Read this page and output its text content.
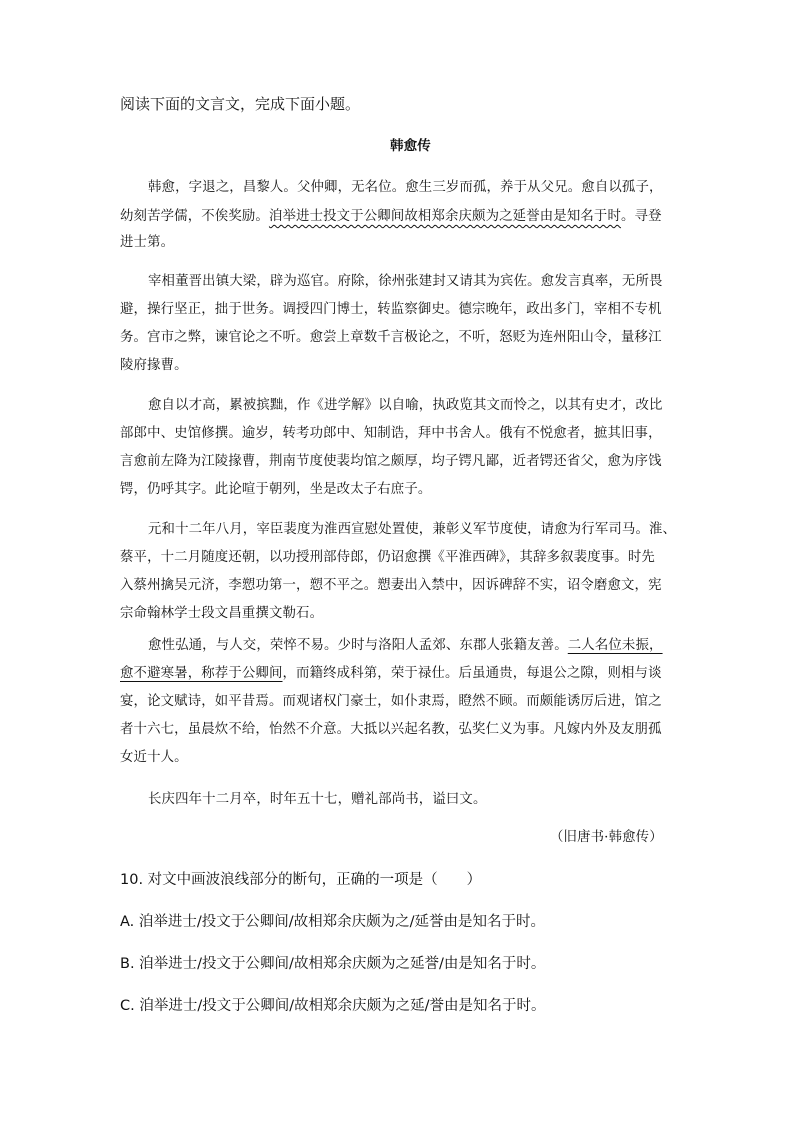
阅读下面的文言文，完成下面小题。
韩愈传
韩愈，字退之，昌黎人。父仲卿，无名位。愈生三岁而孤，养于从父兄。愈自以孤子，
幼刻苦学儒，不俟奖励。洎举进士投文于公卿间故相郑余庆颇为之延誉由是知名于时。寻登
进士第。
宰相董晋出镇大梁，辟为巡官。府除，徐州张建封又请其为宾佐。愈发言真率，无所畏
避，操行坚正，拙于世务。调授四门博士，转监察御史。德宗晚年，政出多门，宰相不专机
务。宫市之弊，谏官论之不听。愈尝上章数千言极论之，不听，怒贬为连州阳山令，量移江
陵府掾曹。
愈自以才高，累被摈黜，作《进学解》以自喻，执政览其文而怜之，以其有史才，改比
部郎中、史馆修撰。逾岁，转考功郎中、知制诰，拜中书舍人。俄有不悦愈者，摭其旧事，
言愈前左降为江陵掾曹，荆南节度使裴均馆之颇厚，均子锷凡鄙，近者锷还省父，愈为序饯
锷，仍呼其字。此论喧于朝列，坐是改太子右庶子。
元和十二年八月，宰臣裴度为淮西宣慰处置使，兼彰义军节度使，请愈为行军司马。淮、
蔡平，十二月随度还朝，以功授刑部侍郎，仍诏愈撰《平淮西碑》，其辞多叙裴度事。时先
入蔡州擒吴元济，李愬功第一，愬不平之。愬妻出入禁中，因诉碑辞不实，诏令磨愈文，宪
宗命翰林学士段文昌重撰文勒石。
愈性弘通，与人交，荣悴不易。少时与洛阳人孟郊、东郡人张籍友善。二人名位未振，
愈不避寒暑，称荐于公卿间，而籍终成科第，荣于禄仕。后虽通贵，每退公之隙，则相与谈
宴，论文赋诗，如平昔焉。而观诸权门豪士，如仆隶焉，瞪然不顾。而颇能诱厉后进，馆之
者十六七，虽晨炊不给，怡然不介意。大抵以兴起名教，弘奖仁义为事。凡嫁内外及友朋孤
女近十人。
长庆四年十二月卒，时年五十七，赠礼部尚书，谥曰文。
（旧唐书·韩愈传）
10. 对文中画波浪线部分的断句，正确的一项是（　　）
A. 洎举进士/投文于公卿间/故相郑余庆颇为之/延誉由是知名于时。
B. 洎举进士/投文于公卿间/故相郑余庆颇为之延誉/由是知名于时。
C. 洎举进士/投文于公卿间/故相郑余庆颇为之延/誉由是知名于时。
